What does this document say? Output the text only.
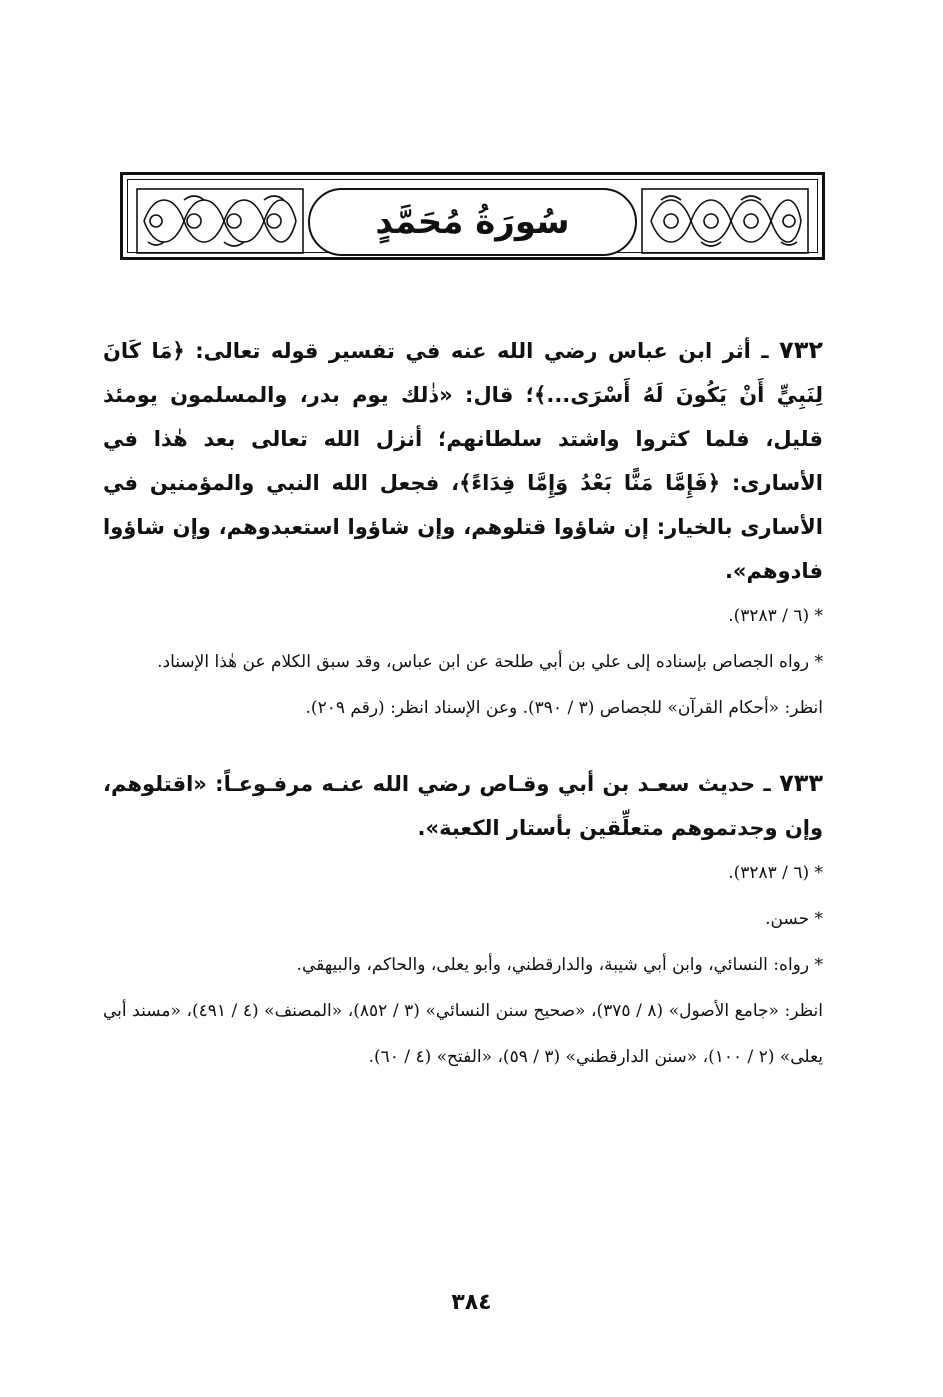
سُورَةُ مُحَمَّدٍ

٧٣٢ ـ أثر ابن عباس رضي الله عنه في تفسير قوله تعالى: ﴿مَا كَانَ لِنَبِيٍّ أَنْ يَكُونَ لَهُ أَسْرَى...﴾؛ قال: «ذٰلك يوم بدر، والمسلمون يومئذ قليل، فلما كثروا واشتد سلطانهم؛ أنزل الله تعالى بعد هٰذا في الأسارى: ﴿فَإِمَّا مَنًّا بَعْدُ وَإِمَّا فِدَاءً﴾، فجعل الله النبي والمؤمنين في الأسارى بالخيار: إن شاؤوا قتلوهم، وإن شاؤوا استعبدوهم، وإن شاؤوا فادوهم».

* (٦ / ٣٢٨٣).

* رواه الجصاص بإسناده إلى علي بن أبي طلحة عن ابن عباس، وقد سبق الكلام عن هٰذا الإسناد.

انظر: «أحكام القرآن» للجصاص (٣ / ٣٩٠). وعن الإسناد انظر: (رقم ٢٠٩).

٧٣٣ ـ حديث سعـد بن أبي وقـاص رضي الله عنـه مرفـوعـاً: «اقتلوهم، وإن وجدتموهم متعلِّقين بأستار الكعبة».

* (٦ / ٣٢٨٣).

* حسن.

* رواه: النسائي، وابن أبي شيبة، والدارقطني، وأبو يعلى، والحاكم، والبيهقي.

انظر: «جامع الأصول» (٨ / ٣٧٥)، «صحيح سنن النسائي» (٣ / ٨٥٢)، «المصنف» (٤ / ٤٩١)، «مسند أبي يعلى» (٢ / ١٠٠)، «سنن الدارقطني» (٣ / ٥٩)، «الفتح» (٤ / ٦٠).

٣٨٤
